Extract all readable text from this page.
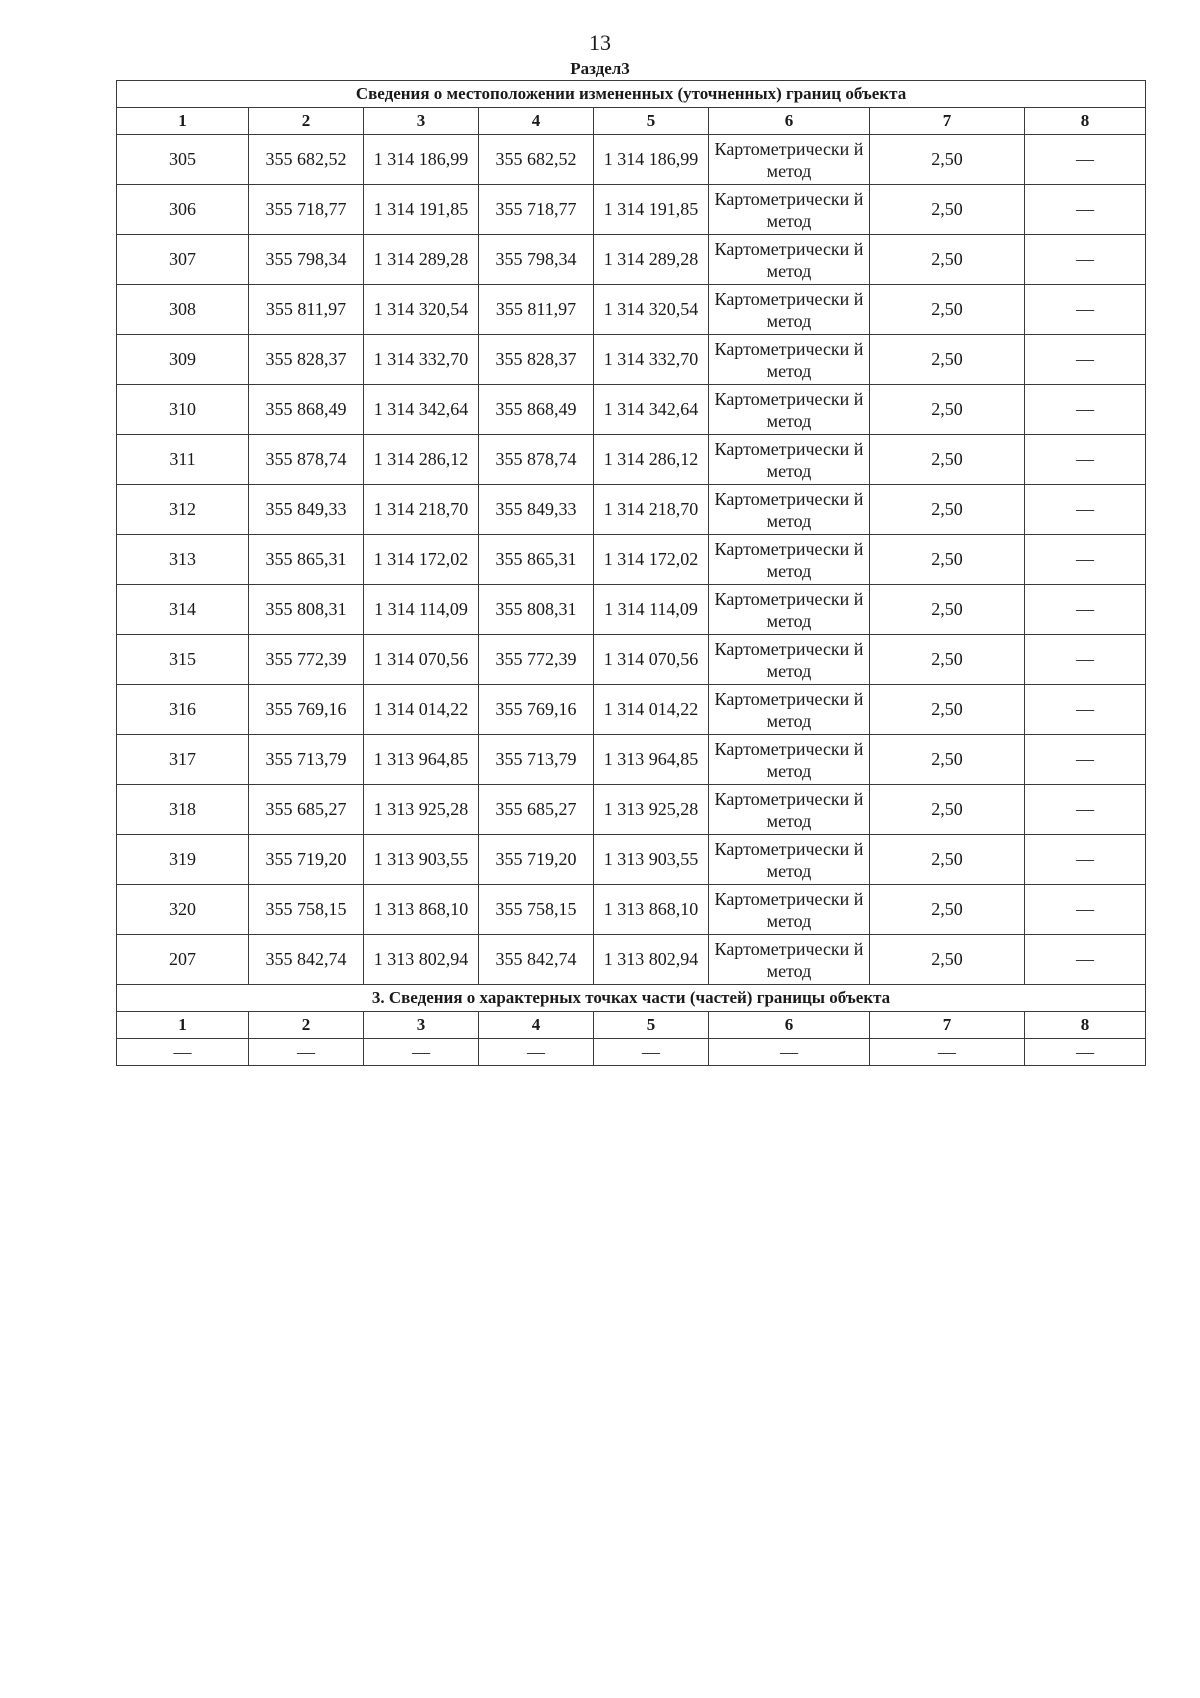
13
Раздел3
Сведения о местоположении измененных (уточненных) границ объекта							
1	2	3	4	5	6	7	8
305	355 682,52	1 314 186,99	355 682,52	1 314 186,99	Картометрически й метод	2,50	—
306	355 718,77	1 314 191,85	355 718,77	1 314 191,85	Картометрически й метод	2,50	—
307	355 798,34	1 314 289,28	355 798,34	1 314 289,28	Картометрически й метод	2,50	—
308	355 811,97	1 314 320,54	355 811,97	1 314 320,54	Картометрически й метод	2,50	—
309	355 828,37	1 314 332,70	355 828,37	1 314 332,70	Картометрически й метод	2,50	—
310	355 868,49	1 314 342,64	355 868,49	1 314 342,64	Картометрически й метод	2,50	—
311	355 878,74	1 314 286,12	355 878,74	1 314 286,12	Картометрически й метод	2,50	—
312	355 849,33	1 314 218,70	355 849,33	1 314 218,70	Картометрически й метод	2,50	—
313	355 865,31	1 314 172,02	355 865,31	1 314 172,02	Картометрически й метод	2,50	—
314	355 808,31	1 314 114,09	355 808,31	1 314 114,09	Картометрически й метод	2,50	—
315	355 772,39	1 314 070,56	355 772,39	1 314 070,56	Картометрически й метод	2,50	—
316	355 769,16	1 314 014,22	355 769,16	1 314 014,22	Картометрически й метод	2,50	—
317	355 713,79	1 313 964,85	355 713,79	1 313 964,85	Картометрически й метод	2,50	—
318	355 685,27	1 313 925,28	355 685,27	1 313 925,28	Картометрически й метод	2,50	—
319	355 719,20	1 313 903,55	355 719,20	1 313 903,55	Картометрически й метод	2,50	—
320	355 758,15	1 313 868,10	355 758,15	1 313 868,10	Картометрически й метод	2,50	—
207	355 842,74	1 313 802,94	355 842,74	1 313 802,94	Картометрически й метод	2,50	—
3. Сведения о характерных точках части (частей) границы объекта							
1	2	3	4	5	6	7	8
—	—	—	—	—	—	—	—
